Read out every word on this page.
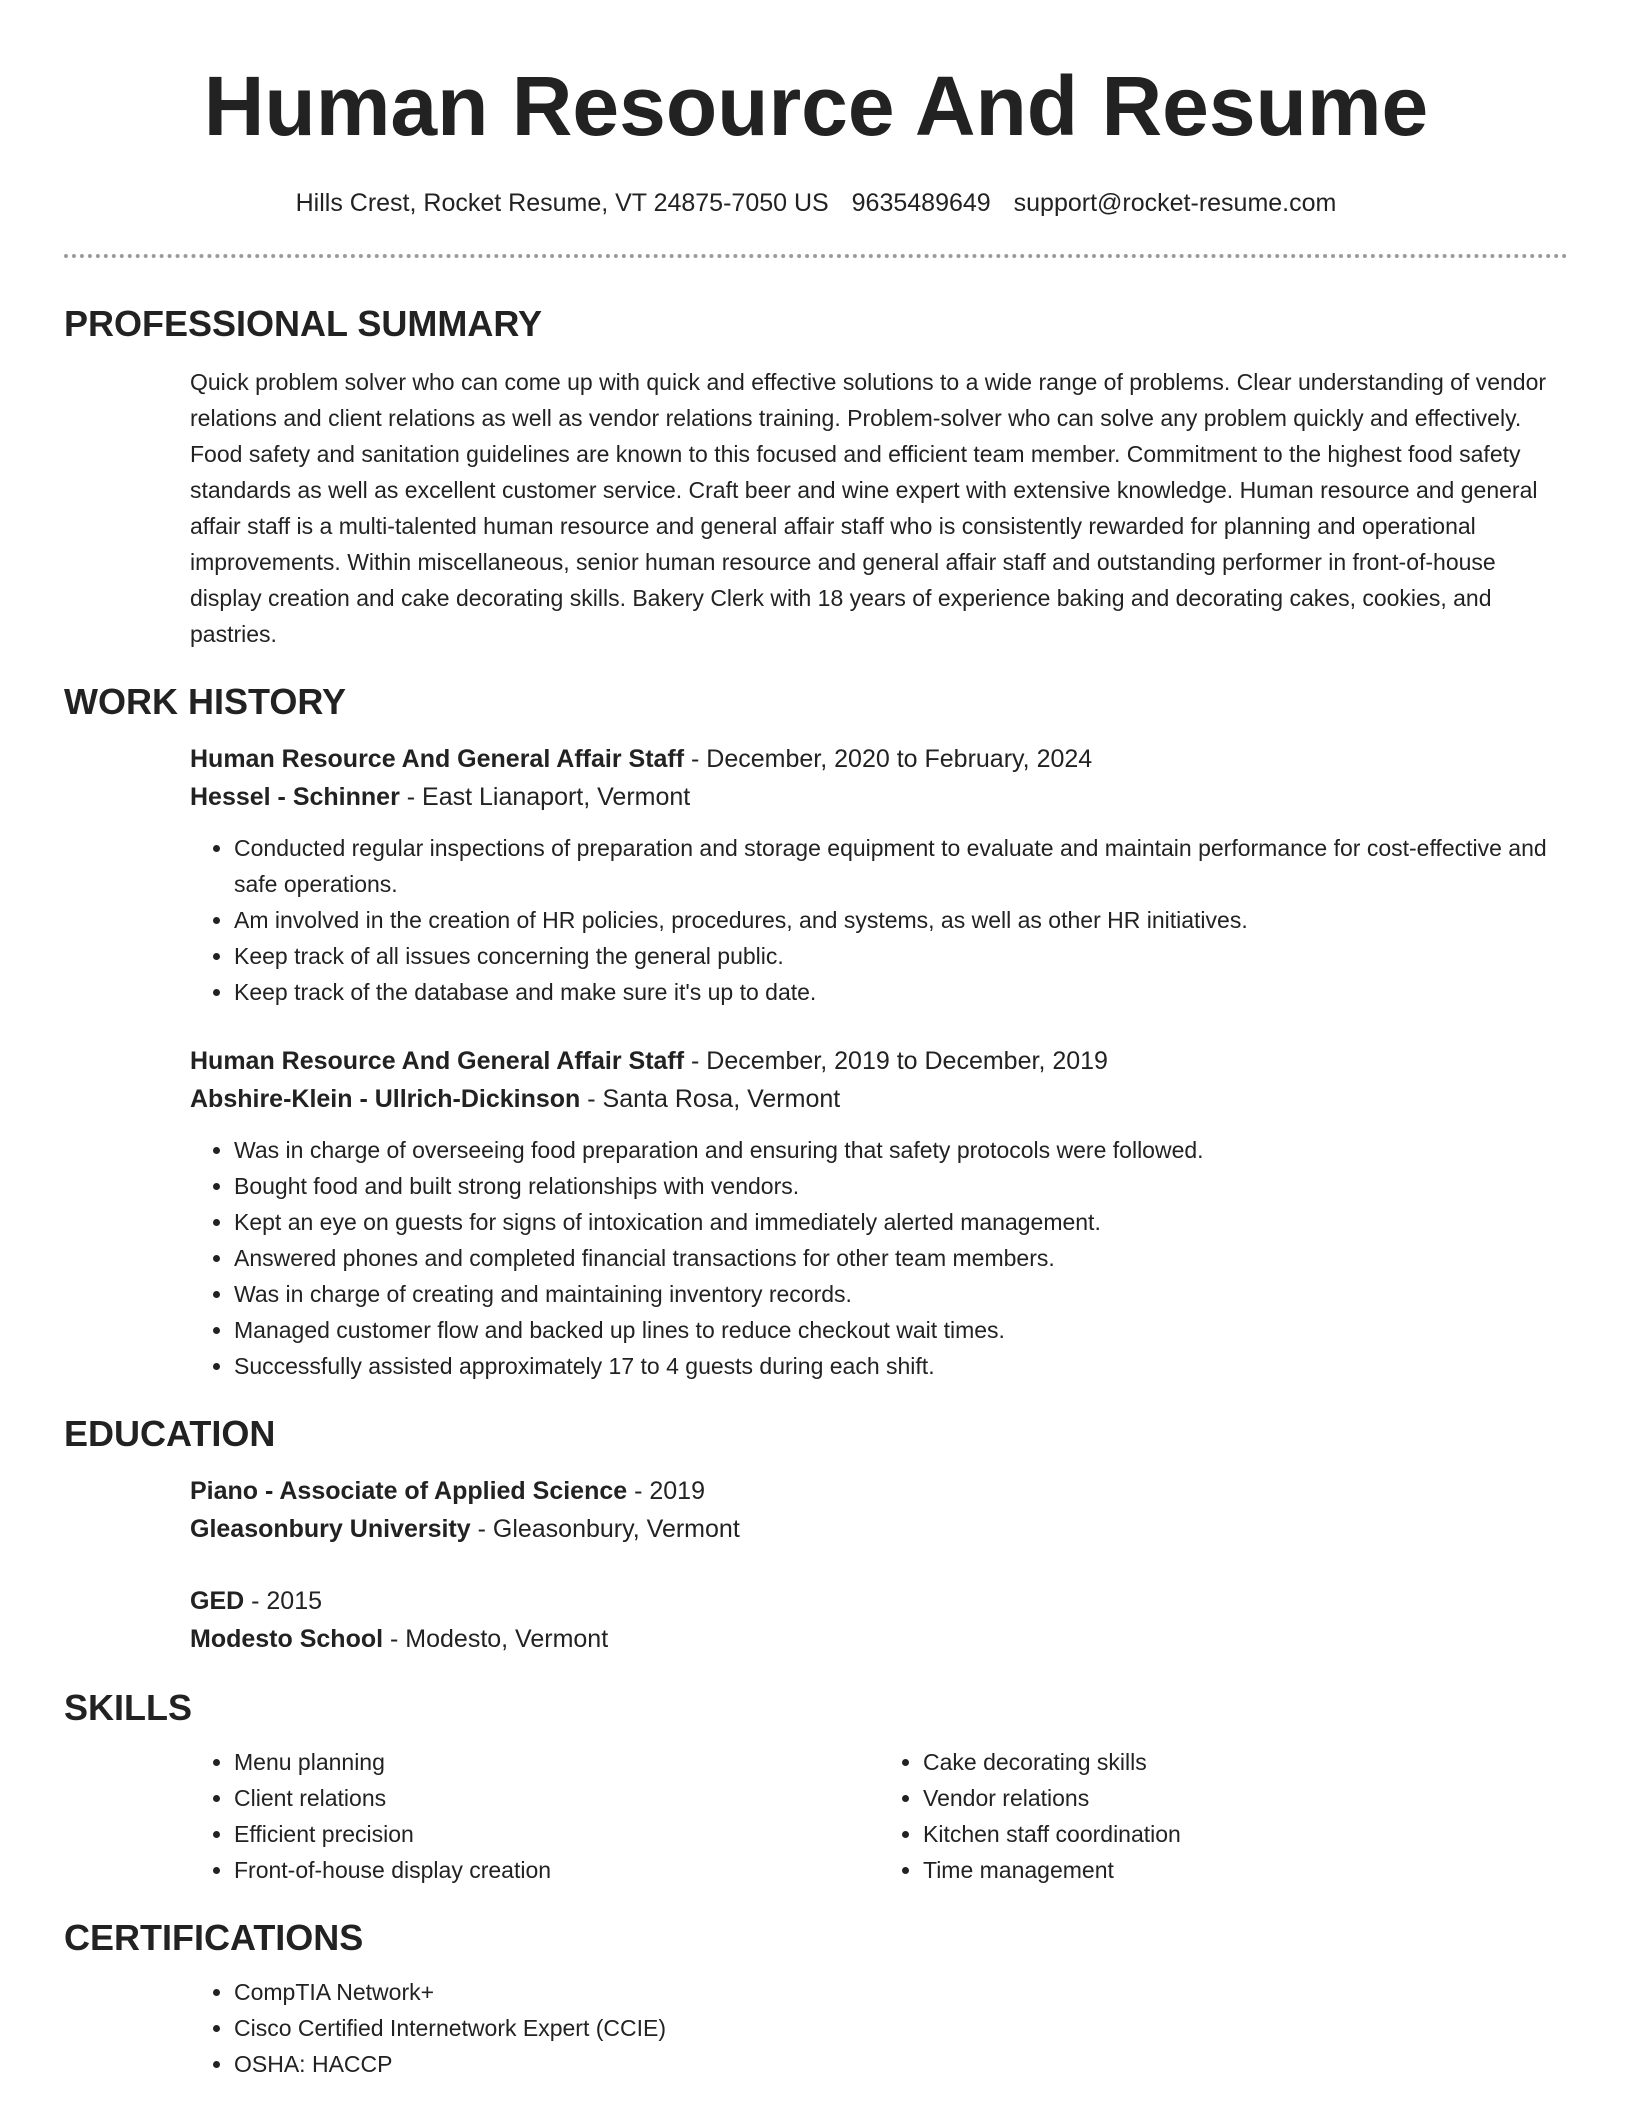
Human Resource And Resume
Hills Crest, Rocket Resume, VT 24875-7050 US 9635489649 support@rocket-resume.com
PROFESSIONAL SUMMARY

Quick problem solver who can come up with quick and effective solutions to a wide range of problems. Clear understanding of vendor relations and client relations as well as vendor relations training. Problem-solver who can solve any problem quickly and effectively. Food safety and sanitation guidelines are known to this focused and efficient team member. Commitment to the highest food safety standards as well as excellent customer service. Craft beer and wine expert with extensive knowledge. Human resource and general affair staff is a multi-talented human resource and general affair staff who is consistently rewarded for planning and operational improvements. Within miscellaneous, senior human resource and general affair staff and outstanding performer in front-of-house display creation and cake decorating skills. Bakery Clerk with 18 years of experience baking and decorating cakes, cookies, and pastries.

WORK HISTORY
Human Resource And General Affair Staff - December, 2020 to February, 2024
Hessel - Schinner - East Lianaport, Vermont
• Conducted regular inspections of preparation and storage equipment to evaluate and maintain performance for cost-effective and safe operations.
• Am involved in the creation of HR policies, procedures, and systems, as well as other HR initiatives.
• Keep track of all issues concerning the general public.
• Keep track of the database and make sure it's up to date.
Human Resource And General Affair Staff - December, 2019 to December, 2019
Abshire-Klein - Ullrich-Dickinson - Santa Rosa, Vermont
• Was in charge of overseeing food preparation and ensuring that safety protocols were followed.
• Bought food and built strong relationships with vendors.
• Kept an eye on guests for signs of intoxication and immediately alerted management.
• Answered phones and completed financial transactions for other team members.
• Was in charge of creating and maintaining inventory records.
• Managed customer flow and backed up lines to reduce checkout wait times.
• Successfully assisted approximately 17 to 4 guests during each shift.
EDUCATION
Piano - Associate of Applied Science - 2019
Gleasonbury University - Gleasonbury, Vermont
GED - 2015
Modesto School - Modesto, Vermont
SKILLS
• Menu planning
• Client relations
• Efficient precision
• Front-of-house display creation
• Cake decorating skills
• Vendor relations
• Kitchen staff coordination
• Time management
CERTIFICATIONS
• CompTIA Network+
• Cisco Certified Internetwork Expert (CCIE)
• OSHA: HACCP
